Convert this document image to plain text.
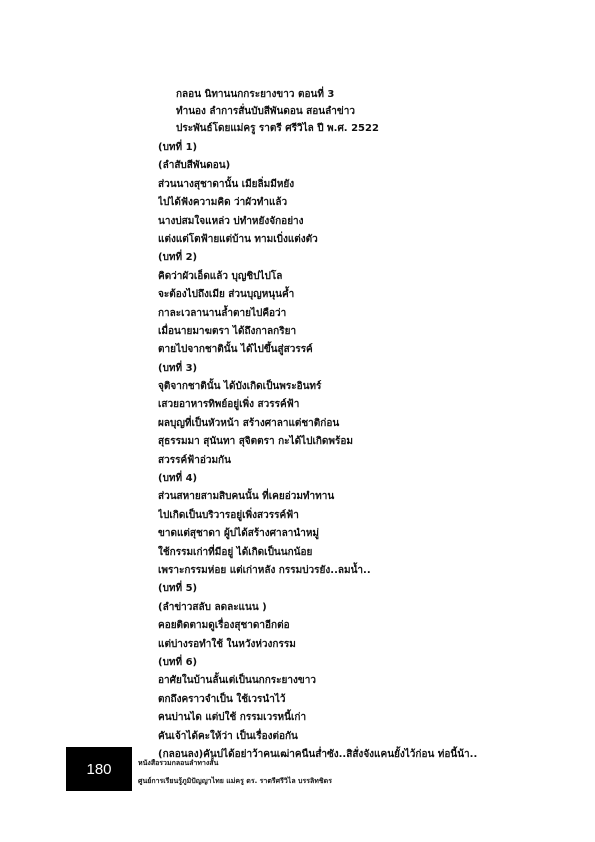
กลอน นิทานนกกระยางขาว ตอนที่ 3
ทำนอง ลำการสั่นบับสีพันดอน สอนลำข่าว
ประพันธ์โดยแม่ครู ราตรี ศรีวิไล ปี พ.ศ. 2522
(บทที่ 1)
(ลำสับสีพันดอน)
ส่วนนางสุชาดานั้น เมียลิ่มมีหยัง
ไปได้ฟังความคิด ว่าผัวทำแล้ว
นางบ่สมใจแหล่ว บ่ทำหยังจักอย่าง
แต่งแต่โตฟ้ายแต่บ้าน ทามเบิ่งแต่งตัว
(บทที่ 2)
คิดว่าผัวเอ็ดแล้ว บุญชิปไปโล
จะต้องไปถึงเมีย ส่วนบุญหนุนค้ำ
กาละเวลานานล้ำตายไปคือว่า
เมื่อนายมาฆตรา ได้ถึงกาลกริยา
ตายไปจากชาตินั้น ได้ไปขึ้นสู่สวรรค์
(บทที่ 3)
จุติจากชาตินั้น ได้บังเกิดเป็นพระอินทร์
เสวยอาหารทิพย์อยู่เพิ่ง สวรรค์ฟ้า
ผลบุญที่เป็นหัวหน้า สร้างศาลาแต่ชาติก่อน
สุธรรมมา สุนันทา สุจิตตรา กะได้ไปเกิดพร้อม
สวรรค์ฟ้าอ่วมกัน
(บทที่ 4)
ส่วนสหายสามสิบคนนั้น ที่เคยอ่วมทำทาน
ไปเกิดเป็นบริวารอยู่เพิ่งสวรรค์ฟ้า
ขาดแต่สุชาดา ผู้บ่ได้สร้างศาลานำหมู่
ใช้กรรมเก่าที่มีอยู่ ได้เกิดเป็นนกน้อย
เพราะกรรมห่อย แต่เก่าหลัง กรรมบ่วรยัง..ลมน้ำ..
(บทที่ 5)
(ลำข่าวสลับ ลดละแนน )
คอยติดตามดูเรื่องสุชาดาอีกต่อ
แต่บ่างรอทำใช้ ในหวังห่วงกรรม
(บทที่ 6)
อาศัยในบ้านลั้นเต่เป็นนกกระยางขาว
ตกถึงคราวจำเป็น ใช้เวรนำไว้
คนบ่านได แต่บ่ใช้ กรรมเวรหนี้เก่า
คันเจ้าได้คะให้ว่า เป็นเรื่องต่อกัน
(กลอนลง)คันบ่ได้อย่าว้าคนเฒ่าคนืนส่ำซัง..สิสั่งจังแคนยั้งไว้ก่อน ท่อนี้น้า..
180	หนังสือรวมกลอนลำทางสั้น
ศูนย์การเรียนรู้ภูมิปัญญาไทย แม่ครู ดร. ราตรีศรีวิไล บรรลิทชิดร
